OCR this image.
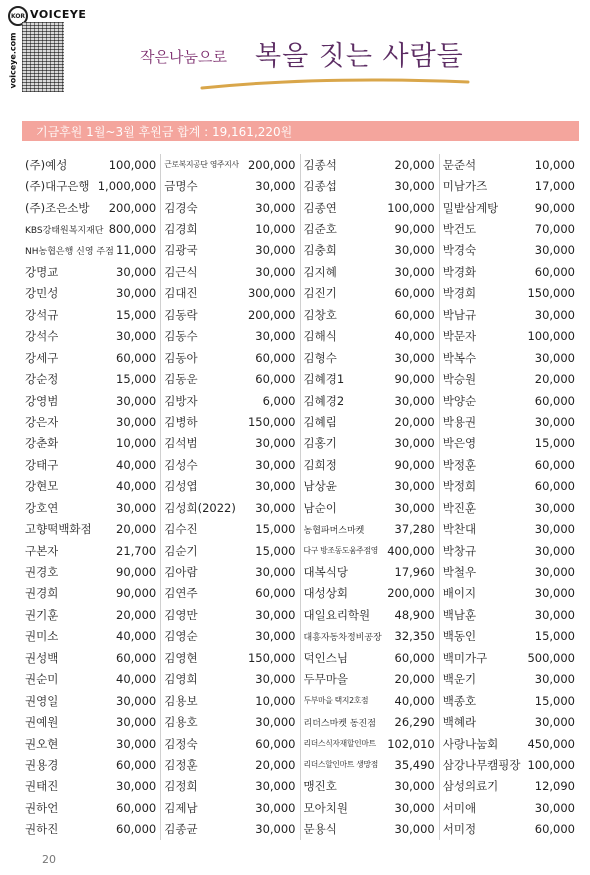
KOR VOICEYE
voiceye.com	작은나눔으로 복을 짓는 사람들
기금후원 1월~3월 후원금 합계 : 19,161,220원
(주)예성	100,000 근로복지공단 영주지사 200,000 김종석	20,000 문준석	10,000
(주)대구은행 1,000,000 금명수	30,000 김종섭	30,000 미남가즈	17,000
(주)조은소방 200,000 김경숙	30,000 김종연	100,000 밀밭삼계탕	90,000
KBS강태원복지재단 800,000 김경희	10,000 김준호	90,000 박건도	70,000
NH농협은행 신영 주점 11,000 김광국	30,000 김충희	30,000 박경숙	30,000
강명교	30,000 김근식	30,000 김지혜	30,000 박경화	60,000
강민성	30,000 김대진	300,000 김진기	60,000 박경희	150,000
강석규	15,000 김동락	200,000 김창호	60,000 박남규	30,000
강석수	30,000 김동수	30,000 김해식	40,000 박문자	100,000
강세구	60,000 김동아	60,000 김형수	30,000 박복수	30,000
강순정	15,000 김동운	60,000 김혜경1	90,000 박승원	20,000
강영범	30,000 김방자	6,000 김혜경2	30,000 박양순	60,000
강은자	30,000 김병하	150,000 김혜림	20,000 박용권	30,000
강춘화	10,000 김석범	30,000 김홍기	30,000 박은영	15,000
강태구	40,000 김성수	30,000 김희정	90,000 박정훈	60,000
강현모	40,000 김성엽	30,000 남상윤	30,000 박정희	60,000
강호연	30,000 김성희(2022) 30,000 남순이	30,000 박진훈	30,000
고향떡백화점 20,000 김수진	15,000 농협파머스마켓	37,280 박찬대	30,000
구본자	21,700 김순기	15,000 다구 방조동도움주점영 400,000 박창규	30,000
권경호	90,000 김아람	30,000 대복식당	17,960 박철우	30,000
권경희	90,000 김연주	60,000 대성상회	200,000 배이지	30,000
권기훈	20,000 김영만	30,000 대일요리학원 48,900 백남훈	30,000
권미소	40,000 김영순	30,000 대흥자동차정비공장 32,350 백동인	15,000
권성백	60,000 김영현	150,000 덕인스님	60,000 백미가구	500,000
권순미	40,000 김영희	30,000 두무마을	20,000 백운기	30,000
권영일	30,000 김용보	10,000 두부마을 택지2호점 40,000 백종호	15,000
권예원	30,000 김용호	30,000 리더스마켓 동진점 26,290 백혜라	30,000
권오현	30,000 김정숙	60,000 리더스식자재할인마트 102,010 사랑나눔회	450,000
권용경	60,000 김정훈	20,000 리더스할인마트 생망점 35,490 삼강나무캠핑장 100,000
권태진	30,000 김정희	30,000 맹진호	30,000 삼성의료기	12,090
권하언	60,000 김제남	30,000 모아치원	30,000 서미애	30,000
권하진	60,000 김종균	30,000 문용식	30,000 서미정	60,000
20
